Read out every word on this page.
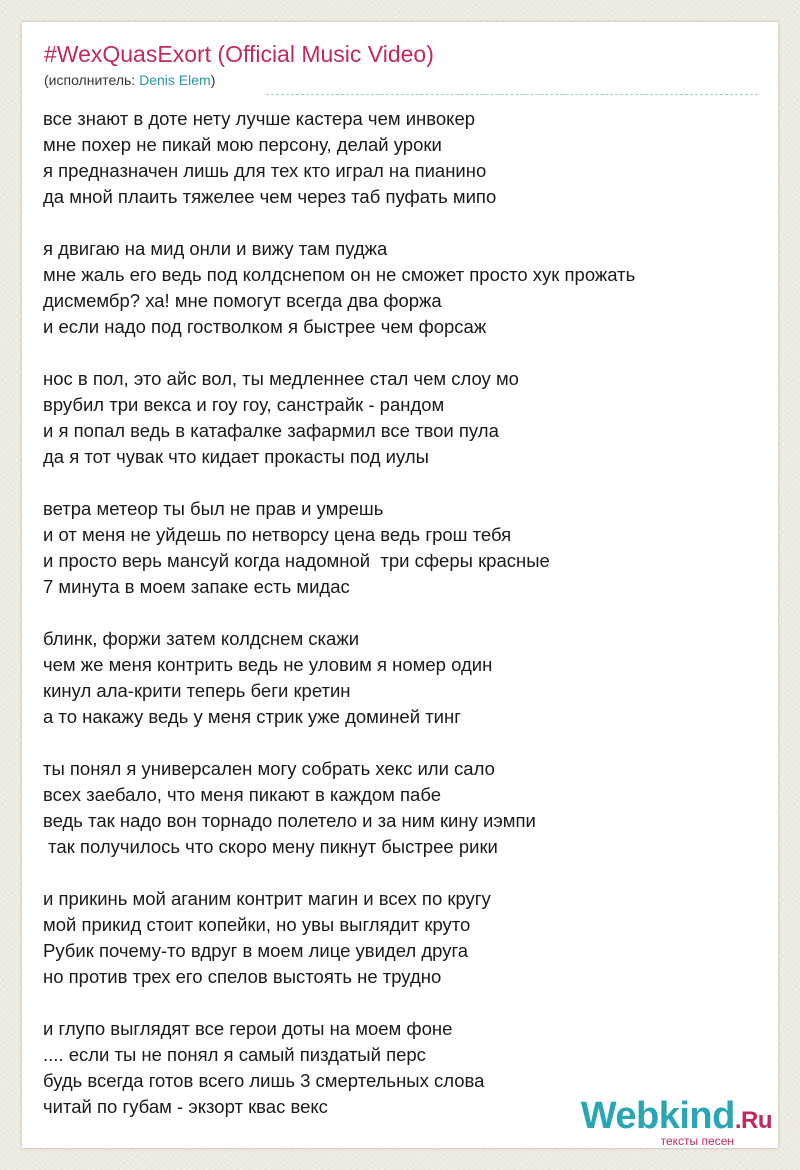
#WexQuasExort (Official Music Video)
(исполнитель: Denis Elem)
все знают в доте нету лучше кастера чем инвокер
мне похер не пикай мою персону, делай уроки
я предназначен лишь для тех кто играл на пианино
да мной плаить тяжелее чем через таб пуфать мипо
я двигаю на мид онли и вижу там пуджа
мне жаль его ведь под колдснепом он не сможет просто хук прожать
дисмембр? ха! мне помогут всегда два форжа
и если надо под гостволком я быстрее чем форсаж
нос в пол, это айс вол, ты медленнее стал чем слоу мо
врубил три векса и гоу гоу, санстрайк - рандом
и я попал ведь в катафалке зафармил все твои пула
да я тот чувак что кидает прокасты под иулы
ветра метеор ты был не прав и умрешь
и от меня не уйдешь по нетворсу цена ведь грош тебя
и просто верь мансуй когда надомной  три сферы красные
7 минута в моем запаке есть мидас
блинк, форжи затем колдснем скажи
чем же меня контрить ведь не уловим я номер один
кинул ала-крити теперь беги кретин
а то накажу ведь у меня стрик уже доминей тинг
ты понял я универсален могу собрать хекс или сало
всех заебало, что меня пикают в каждом пабе
ведь так надо вон торнадо полетело и за ним кину иэмпи
так получилось что скоро мену пикнут быстрее рики
и прикинь мой аганим контрит магин и всех по кругу
мой прикид стоит копейки, но увы выглядит круто
Рубик почему-то вдруг в моем лице увидел друга
но против трех его спелов выстоять не трудно
и глупо выглядят все герои доты на моем фоне
.... если ты не понял я самый пиздатый перс
будь всегда готов всего лишь 3 смертельных слова
читай по губам - экзорт квас векс	Webkind.Ru
тексты песен
